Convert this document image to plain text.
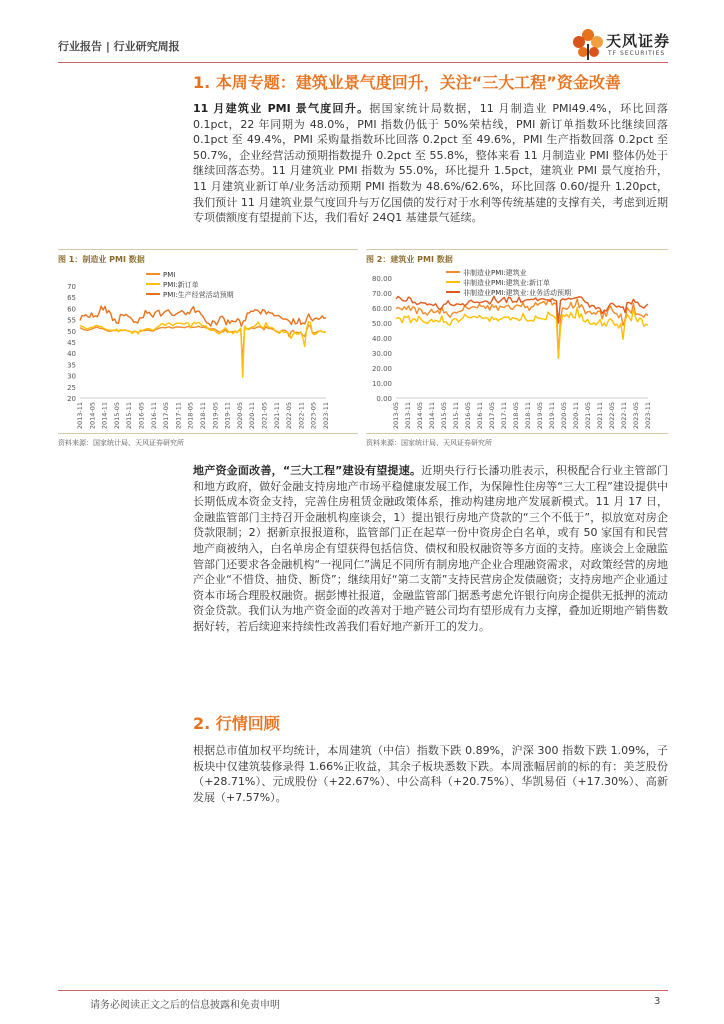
行业报告 | 行业研究周报	天风证券
TF SECURITIES
1. 本周专题：建筑业景气度回升，关注“三大工程”资金改善
11 月建筑业 PMI 景气度回升。据国家统计局数据，11 月制造业 PMI49.4%，环比回落 0.1pct，22 年同期为 48.0%，PMI 指数仍低于 50%荣枯线，PMI 新订单指数环比继续回落 0.1pct 至 49.4%，PMI 采购量指数环比回落 0.2pct 至 49.6%，PMI 生产指数回落 0.2pct 至 50.7%，企业经营活动预期指数提升 0.2pct 至 55.8%，整体来看 11 月制造业 PMI 整体仍处于继续回落态势。11 月建筑业 PMI 指数为 55.0%，环比提升 1.5pct，建筑业 PMI 景气度抬升，11 月建筑业新订单/业务活动预期 PMI 指数为 48.6%/62.6%，环比回落 0.60/提升 1.20pct，我们预计 11 月建筑业景气度回升与万亿国债的发行对于水利等传统基建的支撑有关，考虑到近期专项债额度有望提前下达，我们看好 24Q1 基建景气延续。
图 1：制造业 PMI 数据
20
25
30
35
40
45
50
55
60
65
70
2013-11 2014-05 2014-11 2015-05 2015-11 2016-05 2016-11 2017-05 2017-11 2018-05 2018-11 2019-05 2019-11 2020-05 2020-11 2021-05 2021-11 2022-05 2022-11 2023-05 2023-11
PMI
PMI:新订单
PMI:生产经营活动预期
资料来源：国家统计局、天风证券研究所
图 2：建筑业 PMI 数据
0.00
10.00
20.00
30.00
40.00
50.00
60.00
70.00
80.00
2013-05 2013-11 2014-05 2014-11 2015-05 2015-11 2016-05 2016-11 2017-05 2017-11 2018-05 2018-11 2019-05 2019-11 2020-05 2020-11 2021-05 2021-11 2022-05 2022-11 2023-05 2023-11
非制造业PMI:建筑业
非制造业PMI:建筑业:新订单
非制造业PMI:建筑业:业务活动预期
资料来源：国家统计局、天风证券研究所
地产资金面改善，“三大工程”建设有望提速。近期央行行长潘功胜表示，积极配合行业主管部门和地方政府，做好金融支持房地产市场平稳健康发展工作，为保障性住房等“三大工程”建设提供中长期低成本资金支持，完善住房租赁金融政策体系，推动构建房地产发展新模式。11 月 17 日，金融监管部门主持召开金融机构座谈会，1）提出银行房地产贷款的“三个不低于”，拟放宽对房企贷款限制；2）据新京报报道称，监管部门正在起草一份中资房企白名单，或有 50 家国有和民营地产商被纳入，白名单房企有望获得包括信贷、债权和股权融资等多方面的支持。座谈会上金融监管部门还要求各金融机构“一视同仁”满足不同所有制房地产企业合理融资需求，对政策经营的房地产企业“不惜贷、抽贷、断贷”；继续用好“第二支箭”支持民营房企发债融资；支持房地产企业通过资本市场合理股权融资。据彭博社报道，金融监管部门据悉考虑允许银行向房企提供无抵押的流动资金贷款。我们认为地产资金面的改善对于地产链公司均有望形成有力支撑，叠加近期地产销售数据好转，若后续迎来持续性改善我们看好地产新开工的发力。
2. 行情回顾
根据总市值加权平均统计，本周建筑（中信）指数下跌 0.89%，沪深 300 指数下跌 1.09%，子板块中仅建筑装修录得 1.66%正收益，其余子板块悉数下跌。本周涨幅居前的标的有：美芝股份（+28.71%）、元成股份（+22.67%）、中公高科（+20.75%）、华凯易佰（+17.30%）、高新发展（+7.57%）。
请务必阅读正文之后的信息披露和免责申明	3
